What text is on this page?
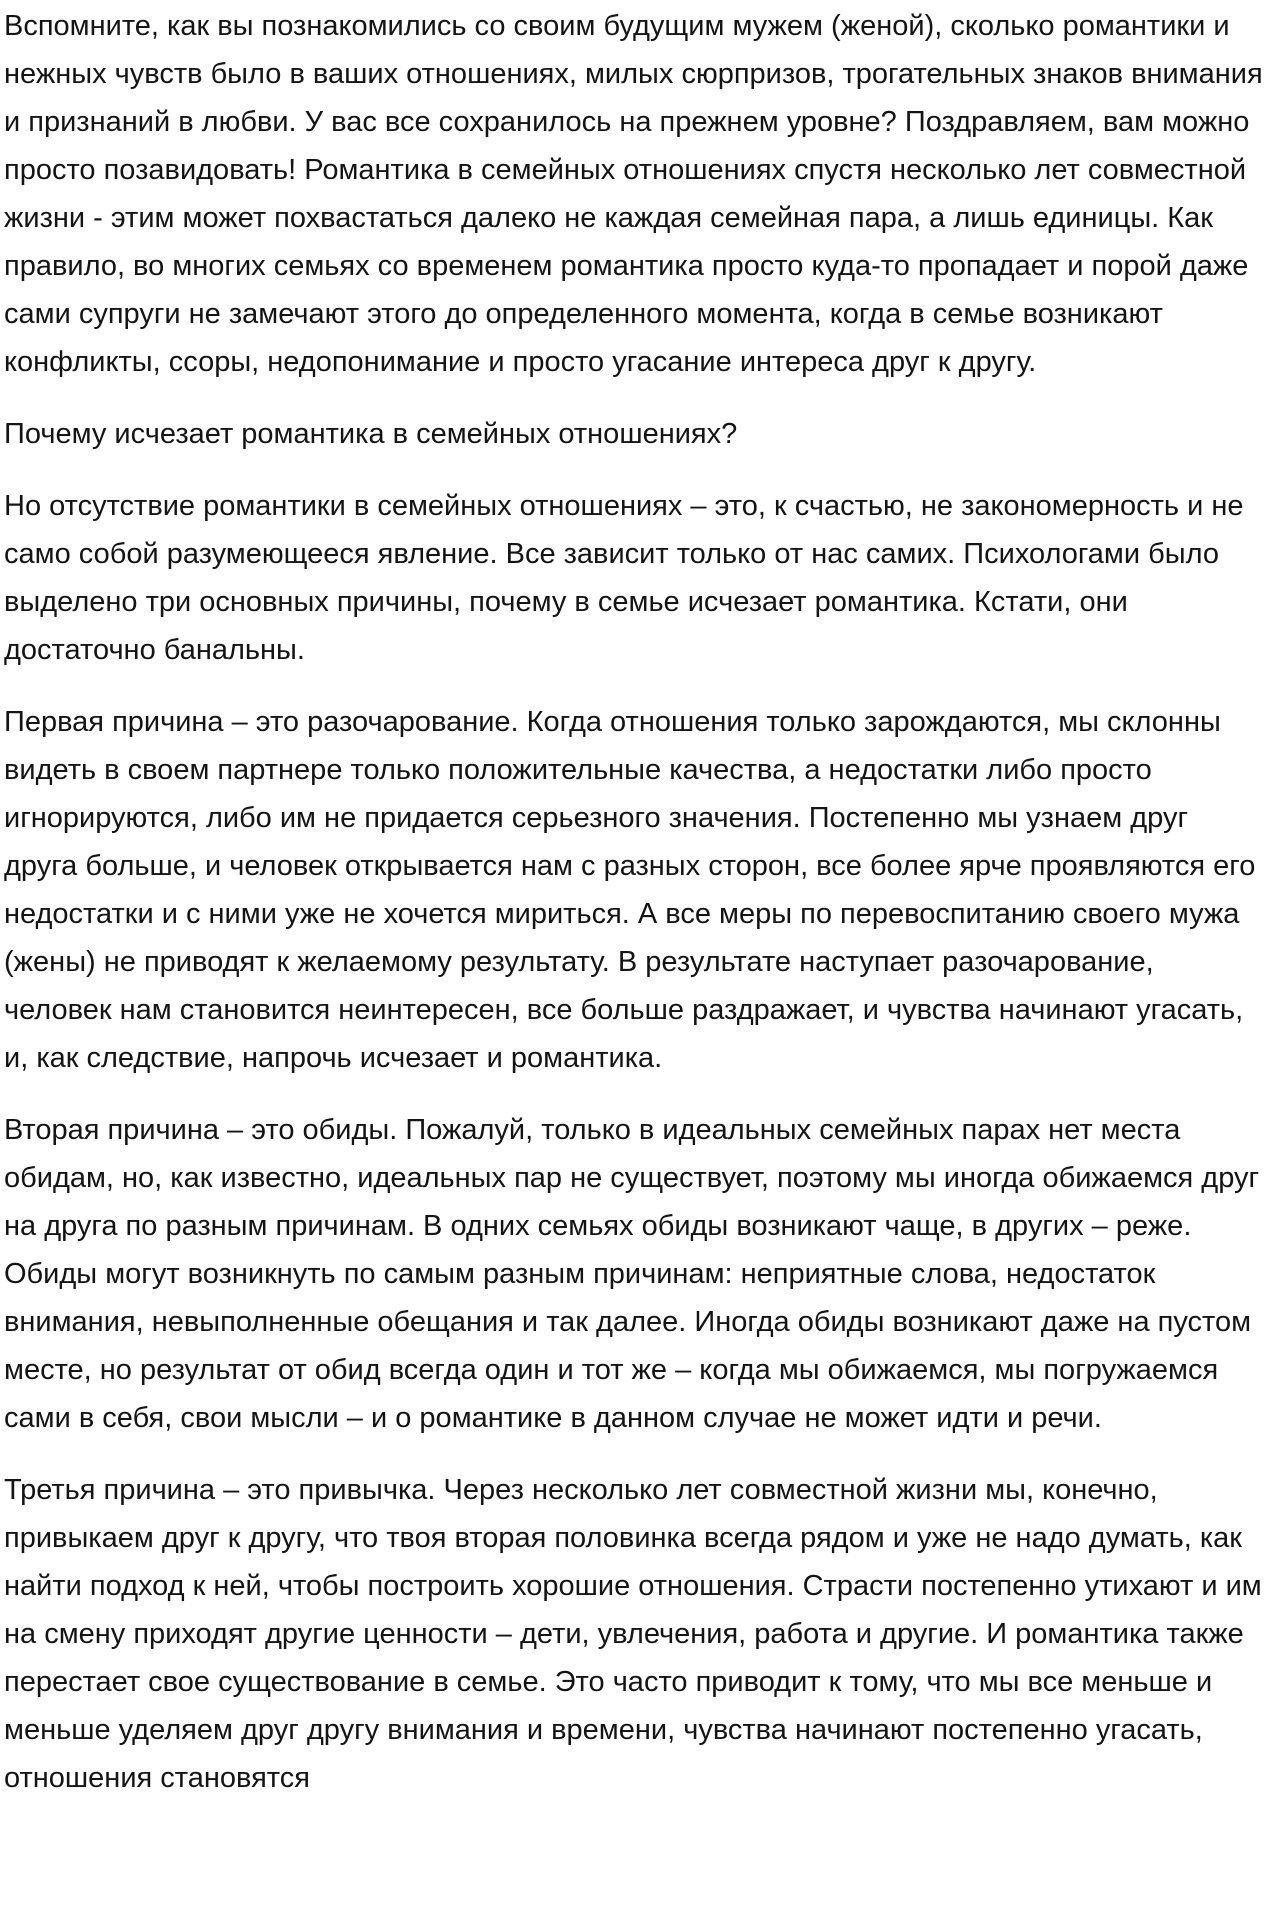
Вспомните, как вы познакомились со своим будущим мужем (женой), сколько романтики и нежных чувств было в ваших отношениях, милых сюрпризов, трогательных знаков внимания и признаний в любви. У вас все сохранилось на прежнем уровне? Поздравляем, вам можно просто позавидовать! Романтика в семейных отношениях спустя несколько лет совместной жизни - этим может похвастаться далеко не каждая семейная пара, а лишь единицы. Как правило, во многих семьях со временем романтика просто куда-то пропадает и порой даже сами супруги не замечают этого до определенного момента, когда в семье возникают конфликты, ссоры, недопонимание и просто угасание интереса друг к другу.

Почему исчезает романтика в семейных отношениях?

Но отсутствие романтики в семейных отношениях – это, к счастью, не закономерность и не само собой разумеющееся явление. Все зависит только от нас самих. Психологами было выделено три основных причины, почему в семье исчезает романтика. Кстати, они достаточно банальны.

Первая причина – это разочарование. Когда отношения только зарождаются, мы склонны видеть в своем партнере только положительные качества, а недостатки либо просто игнорируются, либо им не придается серьезного значения. Постепенно мы узнаем друг друга больше, и человек открывается нам с разных сторон, все более ярче проявляются его недостатки и с ними уже не хочется мириться. А все меры по перевоспитанию своего мужа (жены) не приводят к желаемому результату. В результате наступает разочарование, человек нам становится неинтересен, все больше раздражает, и чувства начинают угасать, и, как следствие, напрочь исчезает и романтика.

Вторая причина – это обиды. Пожалуй, только в идеальных семейных парах нет места обидам, но, как известно, идеальных пар не существует, поэтому мы иногда обижаемся друг на друга по разным причинам. В одних семьях обиды возникают чаще, в других – реже. Обиды могут возникнуть по самым разным причинам: неприятные слова, недостаток внимания, невыполненные обещания и так далее. Иногда обиды возникают даже на пустом месте, но результат от обид всегда один и тот же – когда мы обижаемся, мы погружаемся сами в себя, свои мысли – и о романтике в данном случае не может идти и речи.

Третья причина – это привычка. Через несколько лет совместной жизни мы, конечно, привыкаем друг к другу, что твоя вторая половинка всегда рядом и уже не надо думать, как найти подход к ней, чтобы построить хорошие отношения. Страсти постепенно утихают и им на смену приходят другие ценности – дети, увлечения, работа и другие. И романтика также перестает свое существование в семье. Это часто приводит к тому, что мы все меньше и меньше уделяем друг другу внимания и времени, чувства начинают постепенно угасать, отношения становятся
